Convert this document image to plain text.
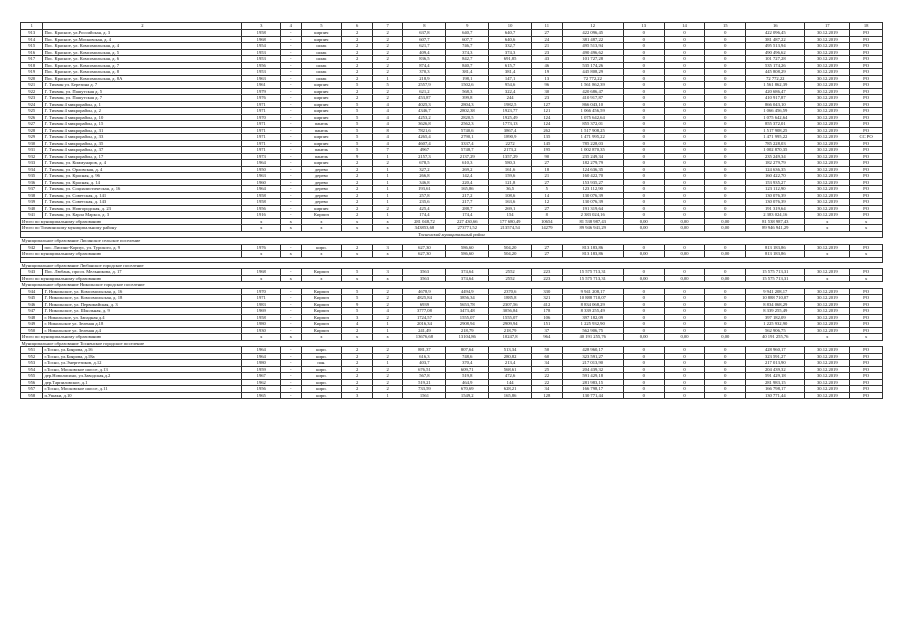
1	2	3	4	5	6	7	8	9	10	11	12	13	14	15	16	17	18
913	Пос. Красное, ул.Российская, д. 3	1958	-	кирпич	2	2	637,8	640,7	640,7	27	422 096,45	0	0	0	422 096,45	30.12.2019	РО
914	Пос. Красное, ул.Московская, д. 4	1968	-	кирпич	2	2	607,7	607,7	640,6	24	381 487,22	0	0	0	381 487,22	30.12.2019	РО
915	Пос. Красное, ул. Комсомольская, д. 4	1954	-	шлак	2	2	621,7	746,7	332,7	21	495 513,94	0	0	0	495 513,94	30.12.2019	РО
916	Пос. Красное, ул. Комсомольская, д. 5	1953	-	шлак	2	2	409,4	374,3	374,3	23	490 496,62	0	0	0	490 496,62	30.12.2019	РО
917	Пос. Красное, ул. Комсомольская, д. 6	1953	-	шлак	2	2	836,5	842,7	691,85	43	101 727,28	0	0	0	101 727,28	30.12.2019	РО
918	Пос. Красное, ул. Комсомольская, д. 7	1956	-	шлак	2	2	874,4	840,7	615,7	46	535 174,26	0	0	0	535 174,26	30.12.2019	РО
919	Пос. Красное, ул. Комсомольская, д. 8	1953	-	шлак	2	2	370,3	381,4	381,4	19	445 808,29	0	0	0	445 808,29	30.12.2019	РО
920	Пос. Красное, ул. Комсомольская, д. 8А	1963	-	шлак	2	1	218,9	198,1	147,1	13	72 772,22	0	0	0	72 772,22	30.12.2019	РО
921	Г. Тихвин ул. Березина д. 7	1961	-	кирпич	5	5	2557,9	1502,6	954,6	96	1 561 862,39	0	0	0	1 561 862,39	30.12.2019	РО
922	Г. Тихвин, ул. Пашутская д. 5	1979	-	кирпич	2	2	621,2	568,3	322,4	30	420 686,47	0	0	0	420 686,47	30.12.2019	РО
923	Г. Тихвин, ул. Пашутская д. 7	1976	-	кирпич	2	2	453,87	399,8	244	23	410 917,87	0	0	0	410 917,87	30.12.2019	РО
924	Г. Тихвин 4 микрорайон, д. 1	1971	-	кирпич	5	4	4025,3	2804,3	1982,5	127	866 043,10	0	0	0	866 043,10	30.12.2019	РО
925	Г. Тихвин 4 микрорайон, д. 2	1971	-	кирпич	5	4	4346,7	2802,38	1923,77	121	1 066 456,59	0	0	0	1 066 456,59	30.12.2019	РО
926	Г. Тихвин 4 микрорайон, д. 10	1970	-	кирпич	5	4	4253,2	2820,5	1925,49	124	1 075 642,64	0	0	0	1 075 642,64	30.12.2019	РО
927	Г. Тихвин 4 микрорайон, д. 15	1971	-	панель	5	4	3626,8	2562,3	1773,13	124	855 372,01	0	0	0	855 372,01	30.12.2019	РО
928	Г. Тихвин 4 микрорайон, д. 31	1971	-	панель	5	8	7821,6	5740,6	3867,4	262	1 517 908,25	0	0	0	1 517 908,25	30.12.2019	РО
929	Г. Тихвин 4 микрорайон, д. 33	1971	-	кирпич	5	4	4265,4	2790,1	1890,9	135	1 471 995,22	0	0	0	1 471 995,22	30.12.2019	СС РО
930	Г. Тихвин 4 микрорайон, д. 35	1971	-	кирпич	5	4	4607,4	3337,4	2272	145	785 228,03	0	0	0	785 228,03	30.12.2019	РО
931	Г. Тихвин 4 микрорайон, д. 37	1971	-	панель	5	7	4967	5748,7	2173,2	195	1 002 870,35	0	0	0	1 002 870,35	30.12.2019	РО
932	Г. Тихвин 4 микрорайон, д. 17	1973	-	панель	9	1	2157,3	2137,29	1357,29	90	235 249,34	0	0	0	235 249,34	30.12.2019	РО
933	Г. Тихвин, ул. Коммунаров, д. 4	1964	-	кирпич	2	2	678,5	610,3	580,3	27	182 279,79	0	0	0	182 279,79	30.12.2019	РО
934	Г. Тихвин, ул. Орловская, д. 4	1950	-	дерево	2	1	327,2	269,2	161,6	18	124 636,35	0	0	0	124 636,35	30.12.2019	РО
935	Г. Тихвин, ул. Красная, д. 96	1963	-	дерево	2	1	266,8	142,4	159,6	21	160 422,70	0	0	0	160 422,70	30.12.2019	РО
936	Г. Тихвин, ул. Красная, д. 14	1960	-	дерево	2	1	346,8	220,4	121,8	27	153 935,27	0	0	0	153 935,27	30.12.2019	РО
937	Г. Тихвин, ул. Социалистическая, д. 16	1964	-	дерево	2	1	193,61	165,86	36,5	5	123 112,90	0	0	0	123 112,90	30.12.2019	РО
938	Г. Тихвин, ул. Советская, д. 141	1958	-	дерево	2	1	257,8	217,2	108,6	14	130 076,39	0	0	0	130 076,39	30.12.2019	РО
939	Г. Тихвин, ул. Советская, д. 143	1958	-	дерево	2	1	235,6	217,7	163,6	12	130 076,39	0	0	0	130 076,39	30.12.2019	РО
940	Г. Тихвин, ул. Новгородская, д. 23	1956	-	кирпич	2	2	425,4	288,7	269,1	27	191 319,64	0	0	0	191 319,64	30.12.2019	РО
941	Г. Тихвин, ул. Карла Маркса, д. 3	1916	-	Кирпич	2	1	174,4	174,4	154	8	2 383 024,16	0	0	0	2 383 024,16	30.12.2019	РО
Итого по муниципальному образованию		x	x	x	x	x	281 048,72	227 430,66	177 680,49	10654	81 538 987,43	0,00	0,00	0,00	81 538 987,43	x	x
Итого по Тихвинскому муниципальному району		x	x	x	x	x	343853,68	273771,52	213574,54	14279	89 946 941,29	0,00	0,00	0,00	89 946 941,29	x	x
Тосненский муниципальный район																	
Муниципальное образование Лисинское сельское поселение																	
942	пос. Лисино-Корпус, ул. Турского, д. 9	1976	-	кирп.	2	3	627,30	586,60	504,20	27	813 183,86	0	0	0	813 183,86	30.12.2019	РО
Итого по муниципальному образованию		x	x	x	x	x	627,30	586,60	504,20	27	813 183,86	0,00	0,00	0,00	813 183,86	x	x

Муниципальное образование Любанское городское поселение																	
943	Пос. Любань, просп. Мельникова, д. 17	1968	-	Кирпич	5	3	3563	374,64	2552	223	15 575 713,31	0	0	0	15 575 713,31	30.12.2019	РО
Итого по муниципальному образованию		x	x	x	x	x	3563	374,64	2552	223	15 575 713,31	0,00	0,00	0,00	15 575 713,31	x	x
Муниципальное образование Никольское городское поселение																	
944	Г. Никольское, ул. Комсомольская, д. 16	1970	-	Кирпич	5	2	4678,9	4494,9	2370,6	330	9 941 208,17	0	0	0	9 941 208,17	30.12.2019	РО
945	Г. Никольское, ул. Комсомольская, д. 18	1971	-	Кирпич	5	2	4825,84	3856,34	1885,8	321	10 888 710,07	0	0	0	10 888 710,07	30.12.2019	РО
946	Г. Никольское, ул. Первомайская, д. 3	1983	-	Кирпич	9	2	6939	5653,78	2307,56	412	8 834 068,29	0	0	0	8 834 068,29	30.12.2019	РО
947	Г. Никольское, ул. Школьная, д. 9	1969	-	Кирпич	5	4	3777,08	3473,48	3056,84	178	8 339 255,49	0	0	0	8 339 255,49	30.12.2019	РО
948	г. Никольское, ул. Западная д.4	1958	-	Кирпич	3	2	1724,57	1555,07	1555,07	106	397 182,09	0	0	0	397 182,09	30.12.2019	РО
949	г. Никольское ул. Зеленая д.18	1980	-	Кирпич	4	1	2016,34	2908,94	2909,94	151	1 225 932,90	0	0	0	1 225 932,90	30.12.2019	РО
950	г. Никольское ул. Зеленая д.4	1930	-	Кирпич	2	1	241,49	218,79	218,79	37	562 906,75	0	0	0	562 906,75	30.12.2019	РО
Итого по муниципальному образованию		x	x	x	x	x	13676,68	13104,86	10247,8	964	40 191 255,76	0,00	0,00	0,00	40 191 255,76	x	x
Муниципальное образование Тосненское городское поселение																	
951	г.Тосно, ул.Боярова, д.16	1964	-	кирп.	2	2	881,37	807,64	513,34	50	428 960,17	0	0	0	428 960,17	30.12.2019	РО
952	г.Тосно, ул.Боярова, д.18а	1964	-	кирп.	2	2	616,3	748,6	280,82	60	323 591,27	0	0	0	323 591,27	30.12.2019	РО
953	г.Тосно, ул.Энергетиков, д.12	1980	-	пан.	2	1	403,7	370,4	213,4	34	217 013,90	0	0	0	217 013,90	30.12.2019	РО
954	г.Тосно, Московское шоссе, д.13	1959	-	кирп.	2	2	676,51	609,71	568,61	25	204 439,32	0	0	0	204 439,32	30.12.2019	РО
955	дер.Новолисино, ул.Заводская,д.2	1967	-	кирп.	2	2	567,8	519,8	472,6	22	591 429,18	0	0	0	591 429,18	30.12.2019	РО
956	дер.Тарпиловское, д.1	1962	-	кирп.	2	2	519,21	464,9	144	22	281 983,15	0	0	0	281 983,15	30.12.2019	РО
957	г.Тосно, Московское шоссе, д.11	1956	-	кирп.	2	2	733,59	670,69	628,21	34	166 798,17	0	0	0	166 798,17	30.12.2019	РО
958	п.Ушаки, д.10	1965	-	кирп.	3	1	1561	1549,2	165,86	128	130 771,44	0	0	0	130 771,44	30.12.2019	РО
